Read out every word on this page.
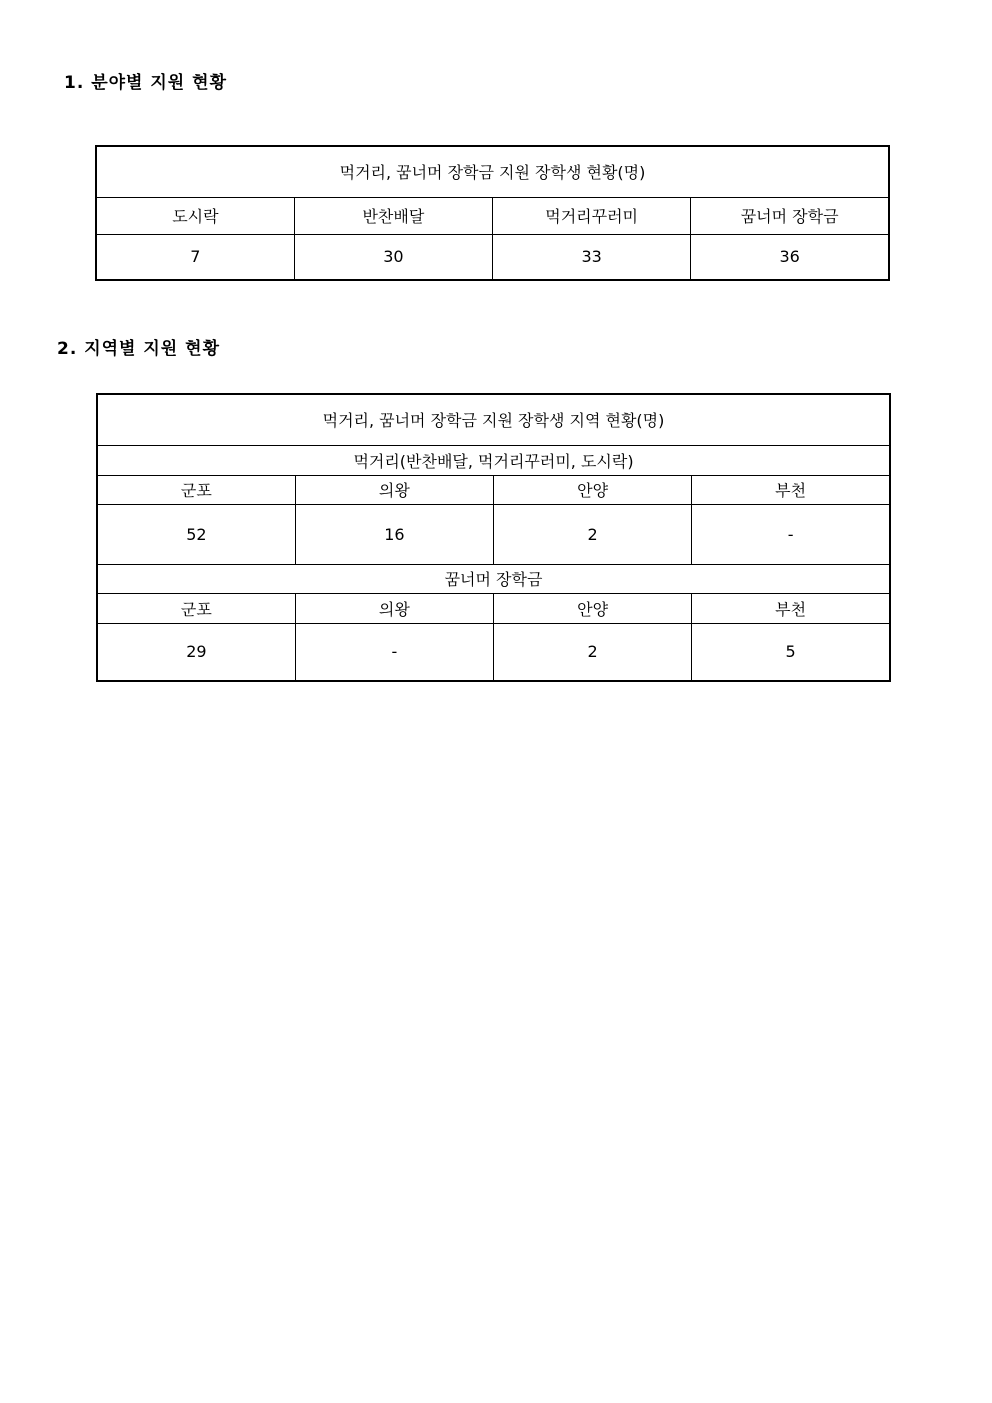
1. 분야별 지원 현황
먹거리, 꿈너머 장학금 지원 장학생 현황(명)			
도시락	반찬배달	먹거리꾸러미	꿈너머 장학금
7	30	33	36
2. 지역별 지원 현황
먹거리, 꿈너머 장학금 지원 장학생 지역 현황(명)			
먹거리(반찬배달, 먹거리꾸러미, 도시락)			
군포	의왕	안양	부천
52	16	2	-
꿈너머 장학금			
군포	의왕	안양	부천
29	-	2	5
